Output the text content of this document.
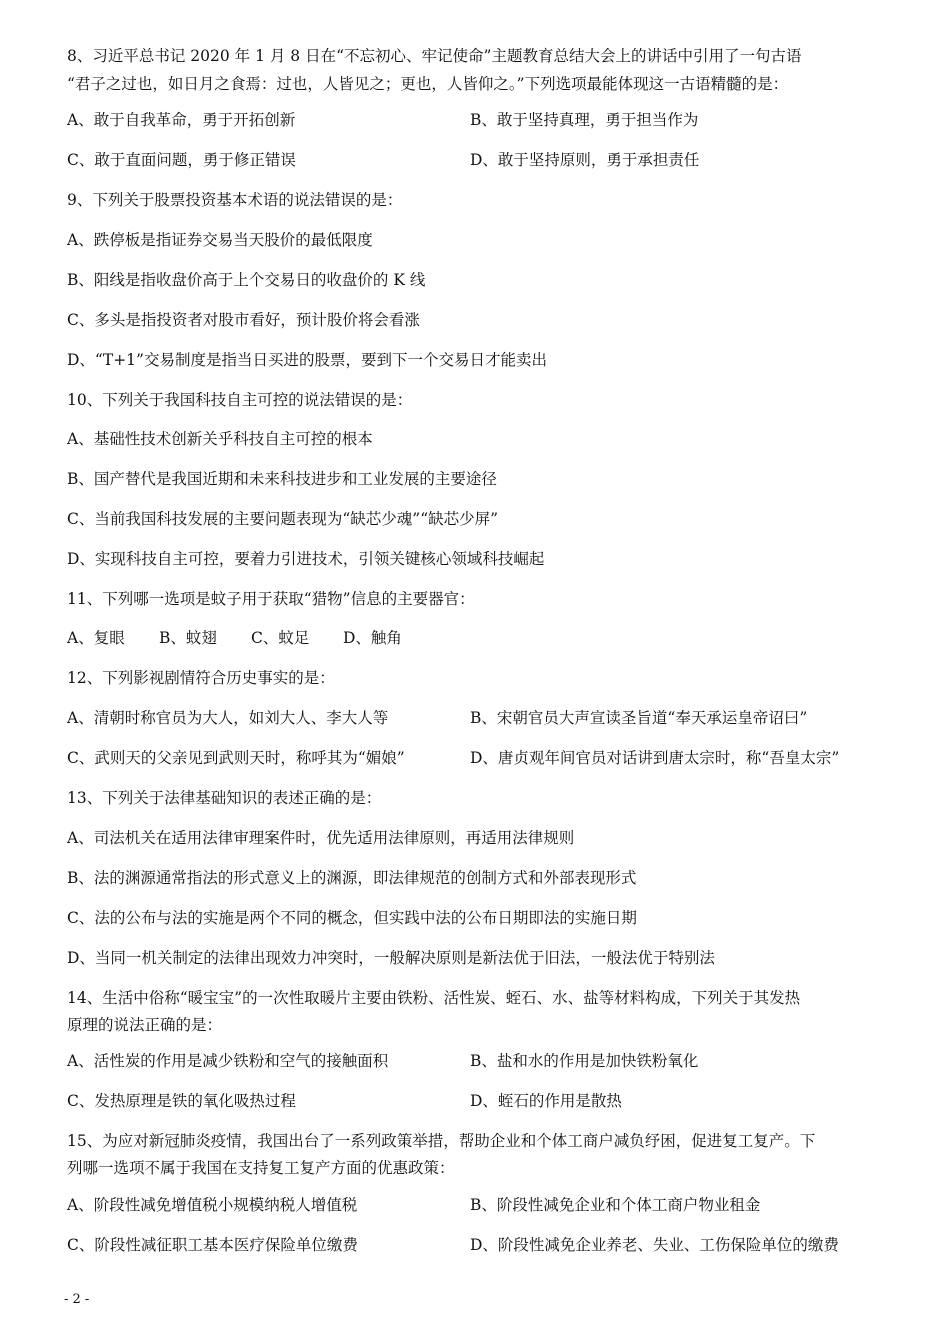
8、习近平总书记 2020 年 1 月 8 日在“不忘初心、牢记使命”主题教育总结大会上的讲话中引用了一句古语
“君子之过也，如日月之食焉：过也，人皆见之；更也，人皆仰之。”下列选项最能体现这一古语精髓的是：
A、敢于自我革命，勇于开拓创新	B、敢于坚持真理，勇于担当作为
C、敢于直面问题，勇于修正错误	D、敢于坚持原则，勇于承担责任
9、下列关于股票投资基本术语的说法错误的是：
A、跌停板是指证券交易当天股价的最低限度
B、阳线是指收盘价高于上个交易日的收盘价的 K 线
C、多头是指投资者对股市看好，预计股价将会看涨
D、“T+1”交易制度是指当日买进的股票，要到下一个交易日才能卖出
10、下列关于我国科技自主可控的说法错误的是：
A、基础性技术创新关乎科技自主可控的根本
B、国产替代是我国近期和未来科技进步和工业发展的主要途径
C、当前我国科技发展的主要问题表现为“缺芯少魂”“缺芯少屏”
D、实现科技自主可控，要着力引进技术，引领关键核心领域科技崛起
11、下列哪一选项是蚊子用于获取“猎物”信息的主要器官：
A、复眼 B、蚊翅 C、蚊足 D、触角
12、下列影视剧情符合历史事实的是：
A、清朝时称官员为大人，如刘大人、李大人等	B、宋朝官员大声宣读圣旨道“奉天承运皇帝诏曰”
C、武则天的父亲见到武则天时，称呼其为“媚娘”	D、唐贞观年间官员对话讲到唐太宗时，称“吾皇太宗”
13、下列关于法律基础知识的表述正确的是：
A、司法机关在适用法律审理案件时，优先适用法律原则，再适用法律规则
B、法的渊源通常指法的形式意义上的渊源，即法律规范的创制方式和外部表现形式
C、法的公布与法的实施是两个不同的概念，但实践中法的公布日期即法的实施日期
D、当同一机关制定的法律出现效力冲突时，一般解决原则是新法优于旧法，一般法优于特别法
14、生活中俗称“暖宝宝”的一次性取暖片主要由铁粉、活性炭、蛭石、水、盐等材料构成，下列关于其发热
原理的说法正确的是：
A、活性炭的作用是减少铁粉和空气的接触面积	B、盐和水的作用是加快铁粉氧化
C、发热原理是铁的氧化吸热过程	D、蛭石的作用是散热
15、为应对新冠肺炎疫情，我国出台了一系列政策举措，帮助企业和个体工商户减负纾困，促进复工复产。下
列哪一选项不属于我国在支持复工复产方面的优惠政策：
A、阶段性减免增值税小规模纳税人增值税	B、阶段性减免企业和个体工商户物业租金
C、阶段性减征职工基本医疗保险单位缴费	D、阶段性减免企业养老、失业、工伤保险单位的缴费
- 2 -
